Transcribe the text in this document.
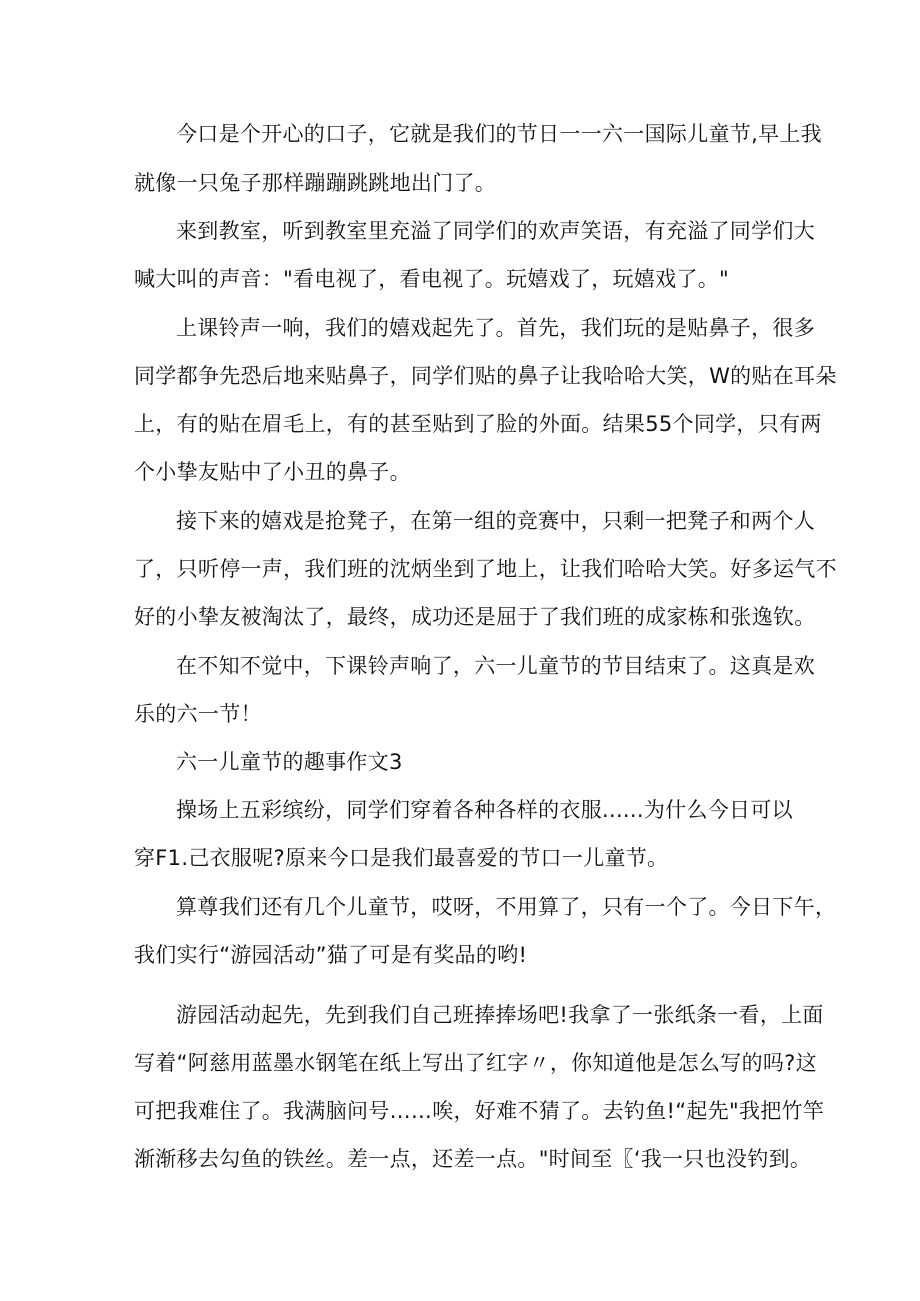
今口是个开心的口子，它就是我们的节日一一六一国际儿童节,早上我
就像一只兔子那样蹦蹦跳跳地出门了。
来到教室，听到教室里充溢了同学们的欢声笑语，有充溢了同学们大
喊大叫的声音："看电视了，看电视了。玩嬉戏了，玩嬉戏了。"
上课铃声一响，我们的嬉戏起先了。首先，我们玩的是贴鼻子，很多
同学都争先恐后地来贴鼻子，同学们贴的鼻子让我哈哈大笑，W的贴在耳朵
上，有的贴在眉毛上，有的甚至贴到了脸的外面。结果55个同学，只有两
个小挚友贴中了小丑的鼻子。
接下来的嬉戏是抢凳子，在第一组的竞赛中，只剩一把凳子和两个人
了，只听停一声，我们班的沈炳坐到了地上，让我们哈哈大笑。好多运气不
好的小挚友被淘汰了，最终，成功还是屈于了我们班的成家栋和张逸钦。
在不知不觉中，下课铃声响了，六一儿童节的节目结束了。这真是欢
乐的六一节！
六一儿童节的趣事作文3
操场上五彩缤纷，同学们穿着各种各样的衣服......为什么今日可以
穿F1.己衣服呢?原来今口是我们最喜爱的节口一儿童节。
算尊我们还有几个儿童节，哎呀，不用算了，只有一个了。今日下午，
我们实行“游园活动”猫了可是有奖品的哟!
游园活动起先，先到我们自己班捧捧场吧!我拿了一张纸条一看，上面
写着“阿慈用蓝墨水钢笔在纸上写出了红字〃，你知道他是怎么写的吗?这
可把我难住了。我满脑问号……唉，好难不猜了。去钓鱼!“起先"我把竹竿
渐渐移去勾鱼的铁丝。差一点，还差一点。"时间至〖‘我一只也没钓到。
